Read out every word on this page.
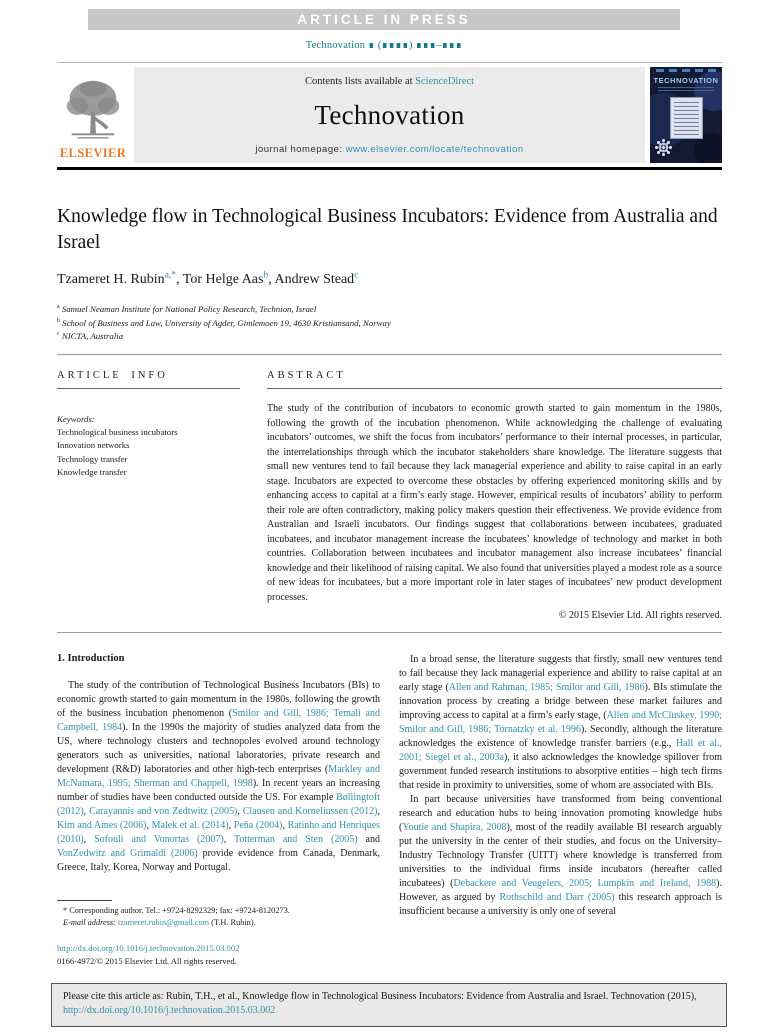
ARTICLE IN PRESS
Technovation ∎ (∎∎∎∎) ∎∎∎–∎∎∎
ELSEVIER
Contents lists available at ScienceDirect
Technovation
journal homepage: www.elsevier.com/locate/technovation
TECHNOVATION
Knowledge flow in Technological Business Incubators: Evidence from Australia and Israel
Tzameret H. Rubin$^{a,*}$, Tor Helge Aas$^b$, Andrew Stead$^c$
$^a$ Samuel Neaman Institute for National Policy Research, Technion, Israel
$^b$ School of Business and Law, University of Agder, Gimlemoen 19, 4630 Kristiansand, Norway
$^c$ NICTA, Australia
ARTICLE INFO
Keywords:
Technological business incubators
Innovation networks
Technology transfer
Knowledge transfer
ABSTRACT
The study of the contribution of incubators to economic growth started to gain momentum in the 1980s, following the growth of the incubation phenomenon. While acknowledging the challenge of evaluating incubators’ outcomes, we shift the focus from incubators’ performance to their internal processes, in particular, the interrelationships through which the incubator stakeholders share knowledge. The literature suggests that small new ventures tend to fail because they lack managerial experience and ability to raise capital in an early stage. Incubators are expected to overcome these obstacles by offering experienced monitoring skills and by enhancing access to capital at a firm’s early stage. However, empirical results of incubators’ ability to perform their role are often contradictory, making policy makers question their effectiveness. We provide evidence from Australian and Israeli incubators. Our findings suggest that collaborations between incubatees, graduated incubatees, and incubator management increase the incubatees’ knowledge of technology and market in both countries. Collaboration between incubatees and incubator management also increase incubatees’ financial knowledge and their likelihood of raising capital. We also found that universities played a modest role as a source of new ideas for incubatees, but a more important role in later stages of incubatees’ new product development processes.
© 2015 Elsevier Ltd. All rights reserved.
1. Introduction

The study of the contribution of Technological Business Incubators (BIs) to economic growth started to gain momentum in the 1980s, following the growth of the business incubation phenomenon (Smilor and Gill, 1986; Temali and Campbell, 1984). In the 1990s the majority of studies analyzed data from the US, where technology clusters and technopoles evolved around technology generators such as universities, national laboratories, private research and development (R&D) laboratories and other high-tech enterprises (Markley and McNamara, 1995; Sherman and Chappell, 1998). In recent years an increasing number of studies have been conducted outside the US. For example Bøllingtoft (2012), Carayannis and von Zedtwitz (2005), Clausen and Korneliussen (2012), Kim and Ames (2006), Malek et al. (2014), Peña (2004), Ratinho and Henriques (2010), Sofouli and Vonortas (2007), Totterman and Sten (2005) and VonZedwitz and Grimaldi (2006) provide evidence from Canada, Denmark, Greece, Italy, Korea, Norway and Portugal.

* Corresponding author. Tel.: +9724-8292329; fax: +9724-8120273.
E-mail address: tzameret.rubin@gmail.com (T.H. Rubin).
http://dx.doi.org/10.1016/j.technovation.2015.03.002
0166-4972/© 2015 Elsevier Ltd. All rights reserved.

In a broad sense, the literature suggests that firstly, small new ventures tend to fail because they lack managerial experience and ability to raise capital at an early stage (Allen and Rahman, 1985; Smilor and Gill, 1986). BIs stimulate the innovation process by creating a bridge between these market failures and improving access to capital at a firm’s early stage, (Allen and McCluskey, 1990; Smilor and Gill, 1986; Tornatzky et al. 1996). Secondly, although the literature acknowledges the existence of knowledge transfer barriers (e.g., Hall et al., 2001; Siegel et al., 2003a), it also acknowledges the knowledge spillover from government funded research institutions to absorptive entities – high tech firms that reside in proximity to universities, some of whom are associated with BIs.

In part because universities have transformed from being conventional research and education hubs to being innovation promoting knowledge hubs (Youtie and Shapira, 2008), most of the readily available BI research arguably put the university in the center of their studies, and focus on the University–Industry Technology Transfer (UITT) where knowledge is transferred from universities to the individual firms inside incubators (hereafter called incubatees) (Debackere and Veugelers, 2005; Lumpkin and Ireland, 1988). However, as argued by Rothschild and Darr (2005) this research approach is insufficient because a university is only one of several

Please cite this article as: Rubin, T.H., et al., Knowledge flow in Technological Business Incubators: Evidence from Australia and Israel. Technovation (2015), http://dx.doi.org/10.1016/j.technovation.2015.03.002
